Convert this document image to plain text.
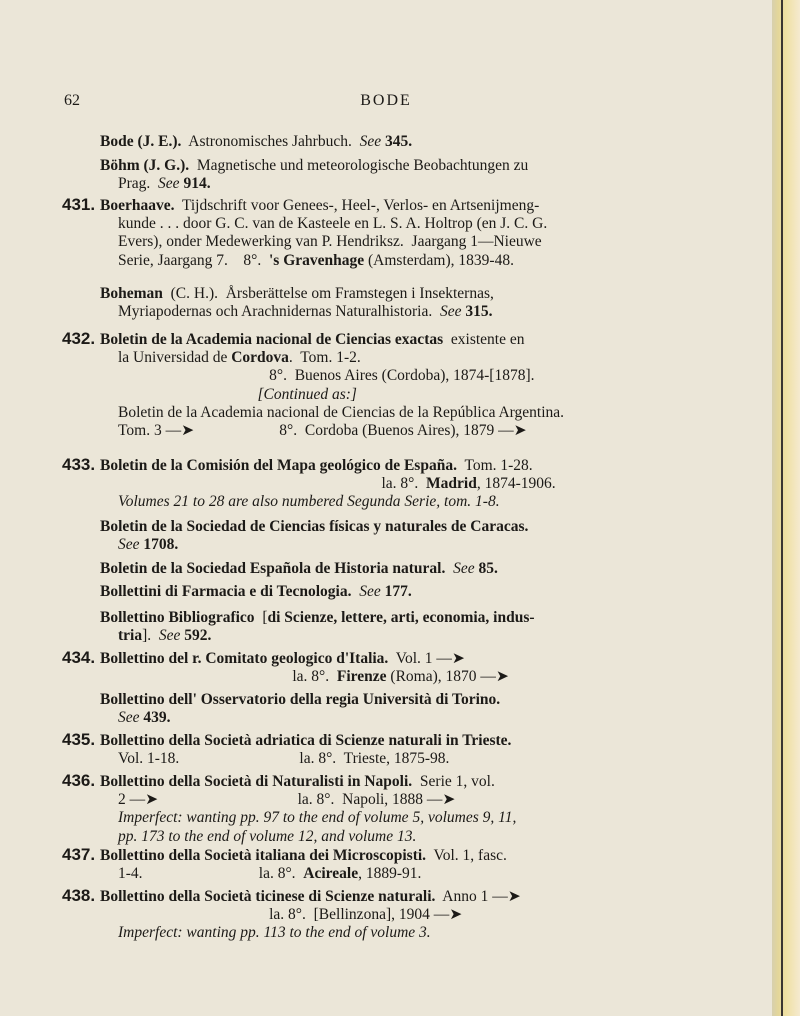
62	BODE
Bode (J. E.).  Astronomisches Jahrbuch.  See 345.
Böhm (J. G.).  Magnetische und meteorologische Beobachtungen zu
Prag.  See 914.
431. Boerhaave.  Tijdschrift voor Genees-, Heel-, Verlos- en Artsenijmeng-
kunde . . . door G. C. van de Kasteele en L. S. A. Holtrop (en J. C. G.
Evers), onder Medewerking van P. Hendriksz.  Jaargang 1—Nieuwe
Serie, Jaargang 7.    8°.  's Gravenhage (Amsterdam), 1839-48.
Boheman  (C. H.).  Årsberättelse om Framstegen i Insekternas,
Myriapodernas och Arachnidernas Naturalhistoria.  See 315.
432. Boletin de la Academia nacional de Ciencias exactas  existente en
la Universidad de Cordova.  Tom. 1-2.
8°.  Buenos Aires (Cordoba), 1874-[1878].
[Continued as:]
Boletin de la Academia nacional de Ciencias de la República Argentina.
Tom. 3 —➤                      8°.  Cordoba (Buenos Aires), 1879 —➤
433. Boletin de la Comisión del Mapa geológico de España.  Tom. 1-28.
la. 8°.  Madrid, 1874-1906.
Volumes 21 to 28 are also numbered Segunda Serie, tom. 1-8.
Boletin de la Sociedad de Ciencias físicas y naturales de Caracas.
See 1708.
Boletin de la Sociedad Española de Historia natural. See 85.
Bollettini di Farmacia e di Tecnologia. See 177.
Bollettino Bibliografico  [di Scienze, lettere, arti, economia, indus-
tria].  See 592.
434. Bollettino del r. Comitato geologico d'Italia.  Vol. 1 —➤
la. 8°.  Firenze (Roma), 1870 —➤
Bollettino dell' Osservatorio della regia Università di Torino.
See 439.
435. Bollettino della Società adriatica di Scienze naturali in Trieste.
Vol. 1-18.                               la. 8°.  Trieste, 1875-98.
436. Bollettino della Società di Naturalisti in Napoli.  Serie 1, vol.
2 —➤                                    la. 8°.  Napoli, 1888 —➤
Imperfect: wanting pp. 97 to the end of volume 5, volumes 9, 11,
pp. 173 to the end of volume 12, and volume 13.
437. Bollettino della Società italiana dei Microscopisti.  Vol. 1, fasc.
1-4.                              la. 8°.  Acireale, 1889-91.
438. Bollettino della Società ticinese di Scienze naturali.  Anno 1 —➤
la. 8°.  [Bellinzona], 1904 —➤
Imperfect: wanting pp. 113 to the end of volume 3.
